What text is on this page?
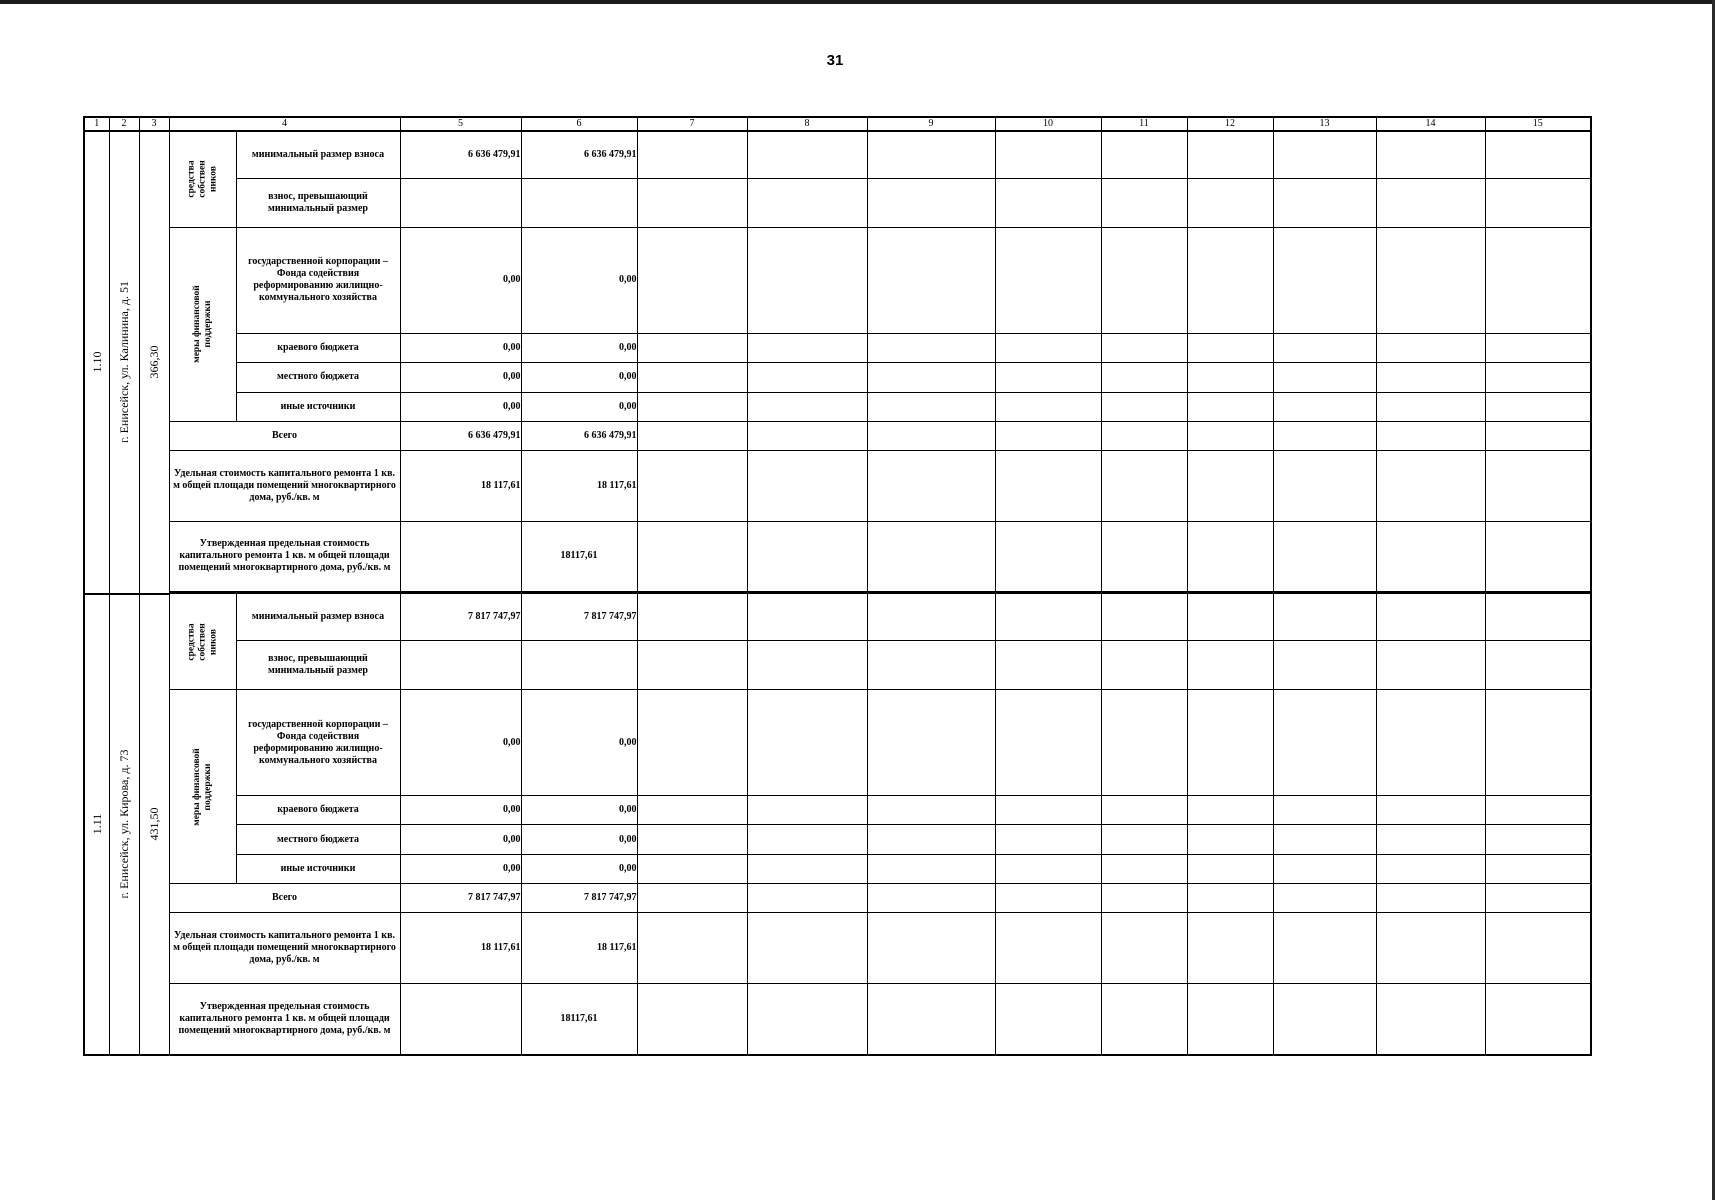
31
1	2	3	4		5	6	7	8	9	10	11	12	13	14	15

1.10	г. Енисейск, ул. Калинина, д. 51	366,30	средства собствен ников	минимальный размер взноса	6 636 479,91	6 636 479,91									
				взнос, превышающий минимальный размер											

			меры финансовой поддержки	государственной корпорации – Фонда содействия реформированию жилищно-коммунального хозяйства	0,00	0,00									
				краевого бюджета	0,00	0,00									
				местного бюджета	0,00	0,00									
				иные источники	0,00	0,00									
			Всего		6 636 479,91	6 636 479,91									
			Удельная стоимость капитального ремонта 1 кв. м общей площади помещений многоквартирного дома, руб./кв. м		18 117,61	18 117,61									
			Утвержденная предельная стоимость капитального ремонта 1 кв. м общей площади помещений многоквартирного дома, руб./кв. м			18117,61									

1.11	г. Енисейск, ул. Кирова, д. 73	431,50	средства собствен ников	минимальный размер взноса	7 817 747,97	7 817 747,97									
				взнос, превышающий минимальный размер											

			меры финансовой поддержки	государственной корпорации – Фонда содействия реформированию жилищно-коммунального хозяйства	0,00	0,00									
				краевого бюджета	0,00	0,00									
				местного бюджета	0,00	0,00									
				иные источники	0,00	0,00									
			Всего		7 817 747,97	7 817 747,97									
			Удельная стоимость капитального ремонта 1 кв. м общей площади помещений многоквартирного дома, руб./кв. м		18 117,61	18 117,61									
			Утвержденная предельная стоимость капитального ремонта 1 кв. м общей площади помещений многоквартирного дома, руб./кв. м			18117,61									
